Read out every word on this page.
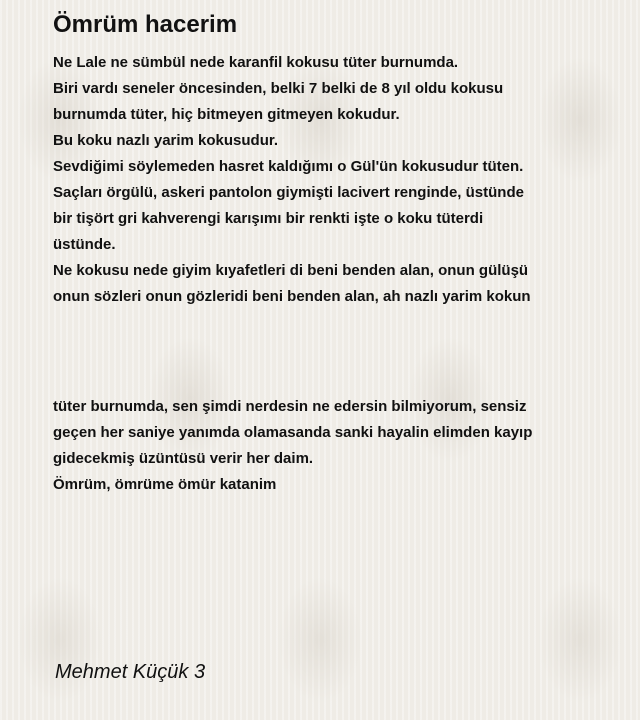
Ömrüm hacerim
Ne Lale ne sümbül nede karanfil kokusu tüter burnumda.
Biri vardı seneler öncesinden, belki 7 belki de 8 yıl oldu kokusu
burnumda tüter, hiç bitmeyen gitmeyen kokudur.
Bu koku nazlı yarim kokusudur.
Sevdiğimi söylemeden hasret kaldığımı o Gül'ün kokusudur tüten.
Saçları örgülü, askeri pantolon giymişti lacivert renginde, üstünde
bir tişört gri kahverengi karışımı bir renkti işte o koku tüterdi
üstünde.
Ne kokusu nede giyim kıyafetleri di beni benden alan, onun gülüşü
onun sözleri onun gözleridi beni benden alan, ah nazlı yarim kokun
tüter burnumda, sen şimdi nerdesin ne edersin bilmiyorum, sensiz
geçen her saniye yanımda olamasanda sanki hayalin elimden kayıp
gidecekmiş üzüntüsü verir her daim.
Ömrüm, ömrüme ömür katanim
Mehmet Küçük 3
